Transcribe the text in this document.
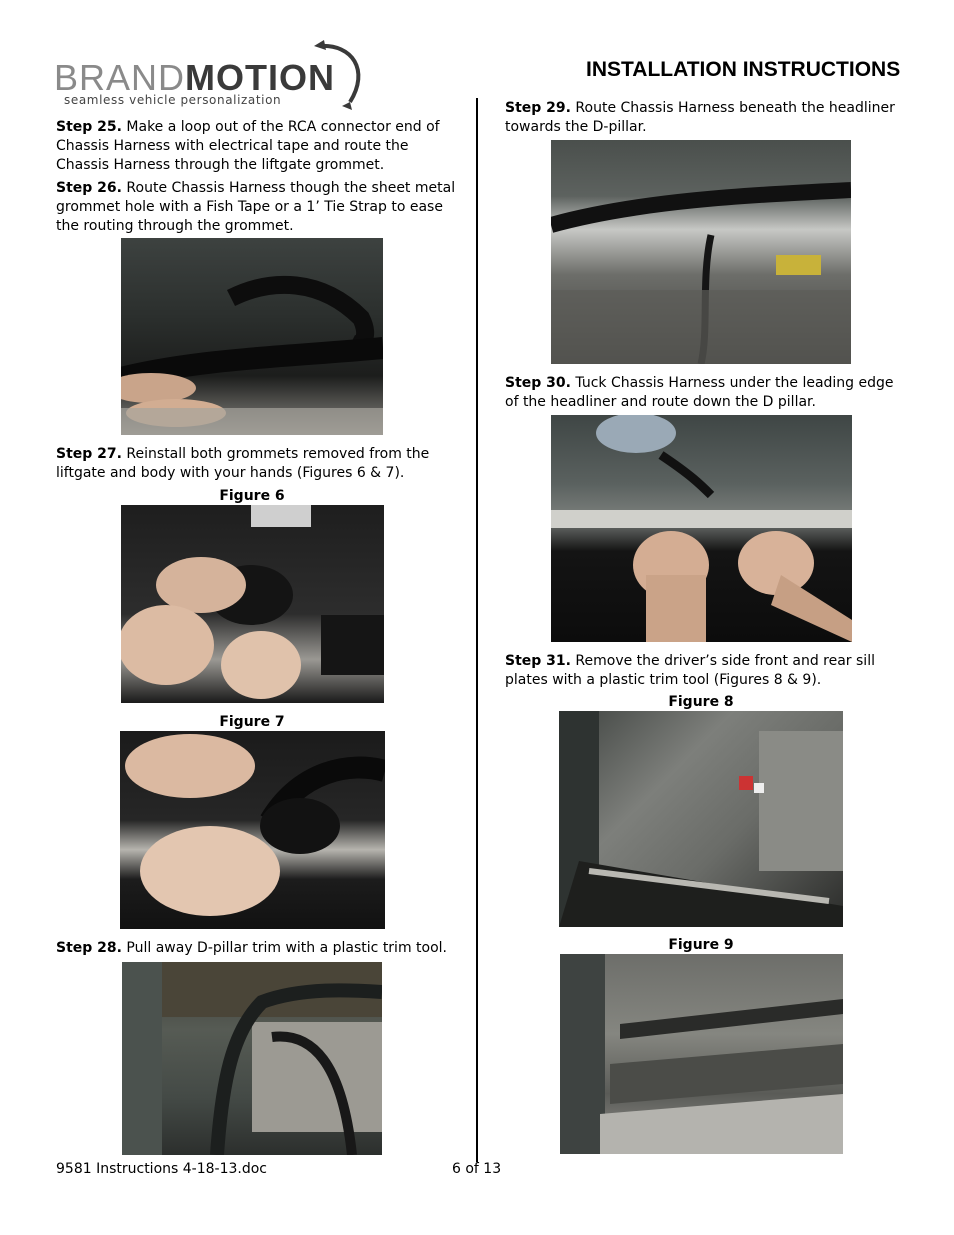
BRANDMOTION
seamless vehicle personalization
INSTALLATION INSTRUCTIONS
Step 25. Make a loop out of the RCA connector end of Chassis Harness with electrical tape and route the Chassis Harness through the liftgate grommet.
Step 26. Route Chassis Harness though the sheet metal grommet hole with a Fish Tape or a 1’ Tie Strap to ease the routing through the grommet.
Step 27. Reinstall both grommets removed from the liftgate and body with your hands (Figures 6 & 7).
Figure 6
Figure 7
Step 28. Pull away D-pillar trim with a plastic trim tool.
Step 29. Route Chassis Harness beneath the headliner towards the D-pillar.
Step 30. Tuck Chassis Harness under the leading edge of the headliner and route down the D pillar.
Step 31. Remove the driver’s side front and rear sill plates with a plastic trim tool (Figures 8 & 9).
Figure 8
Figure 9
9581 Instructions 4-18-13.doc	6 of 13
